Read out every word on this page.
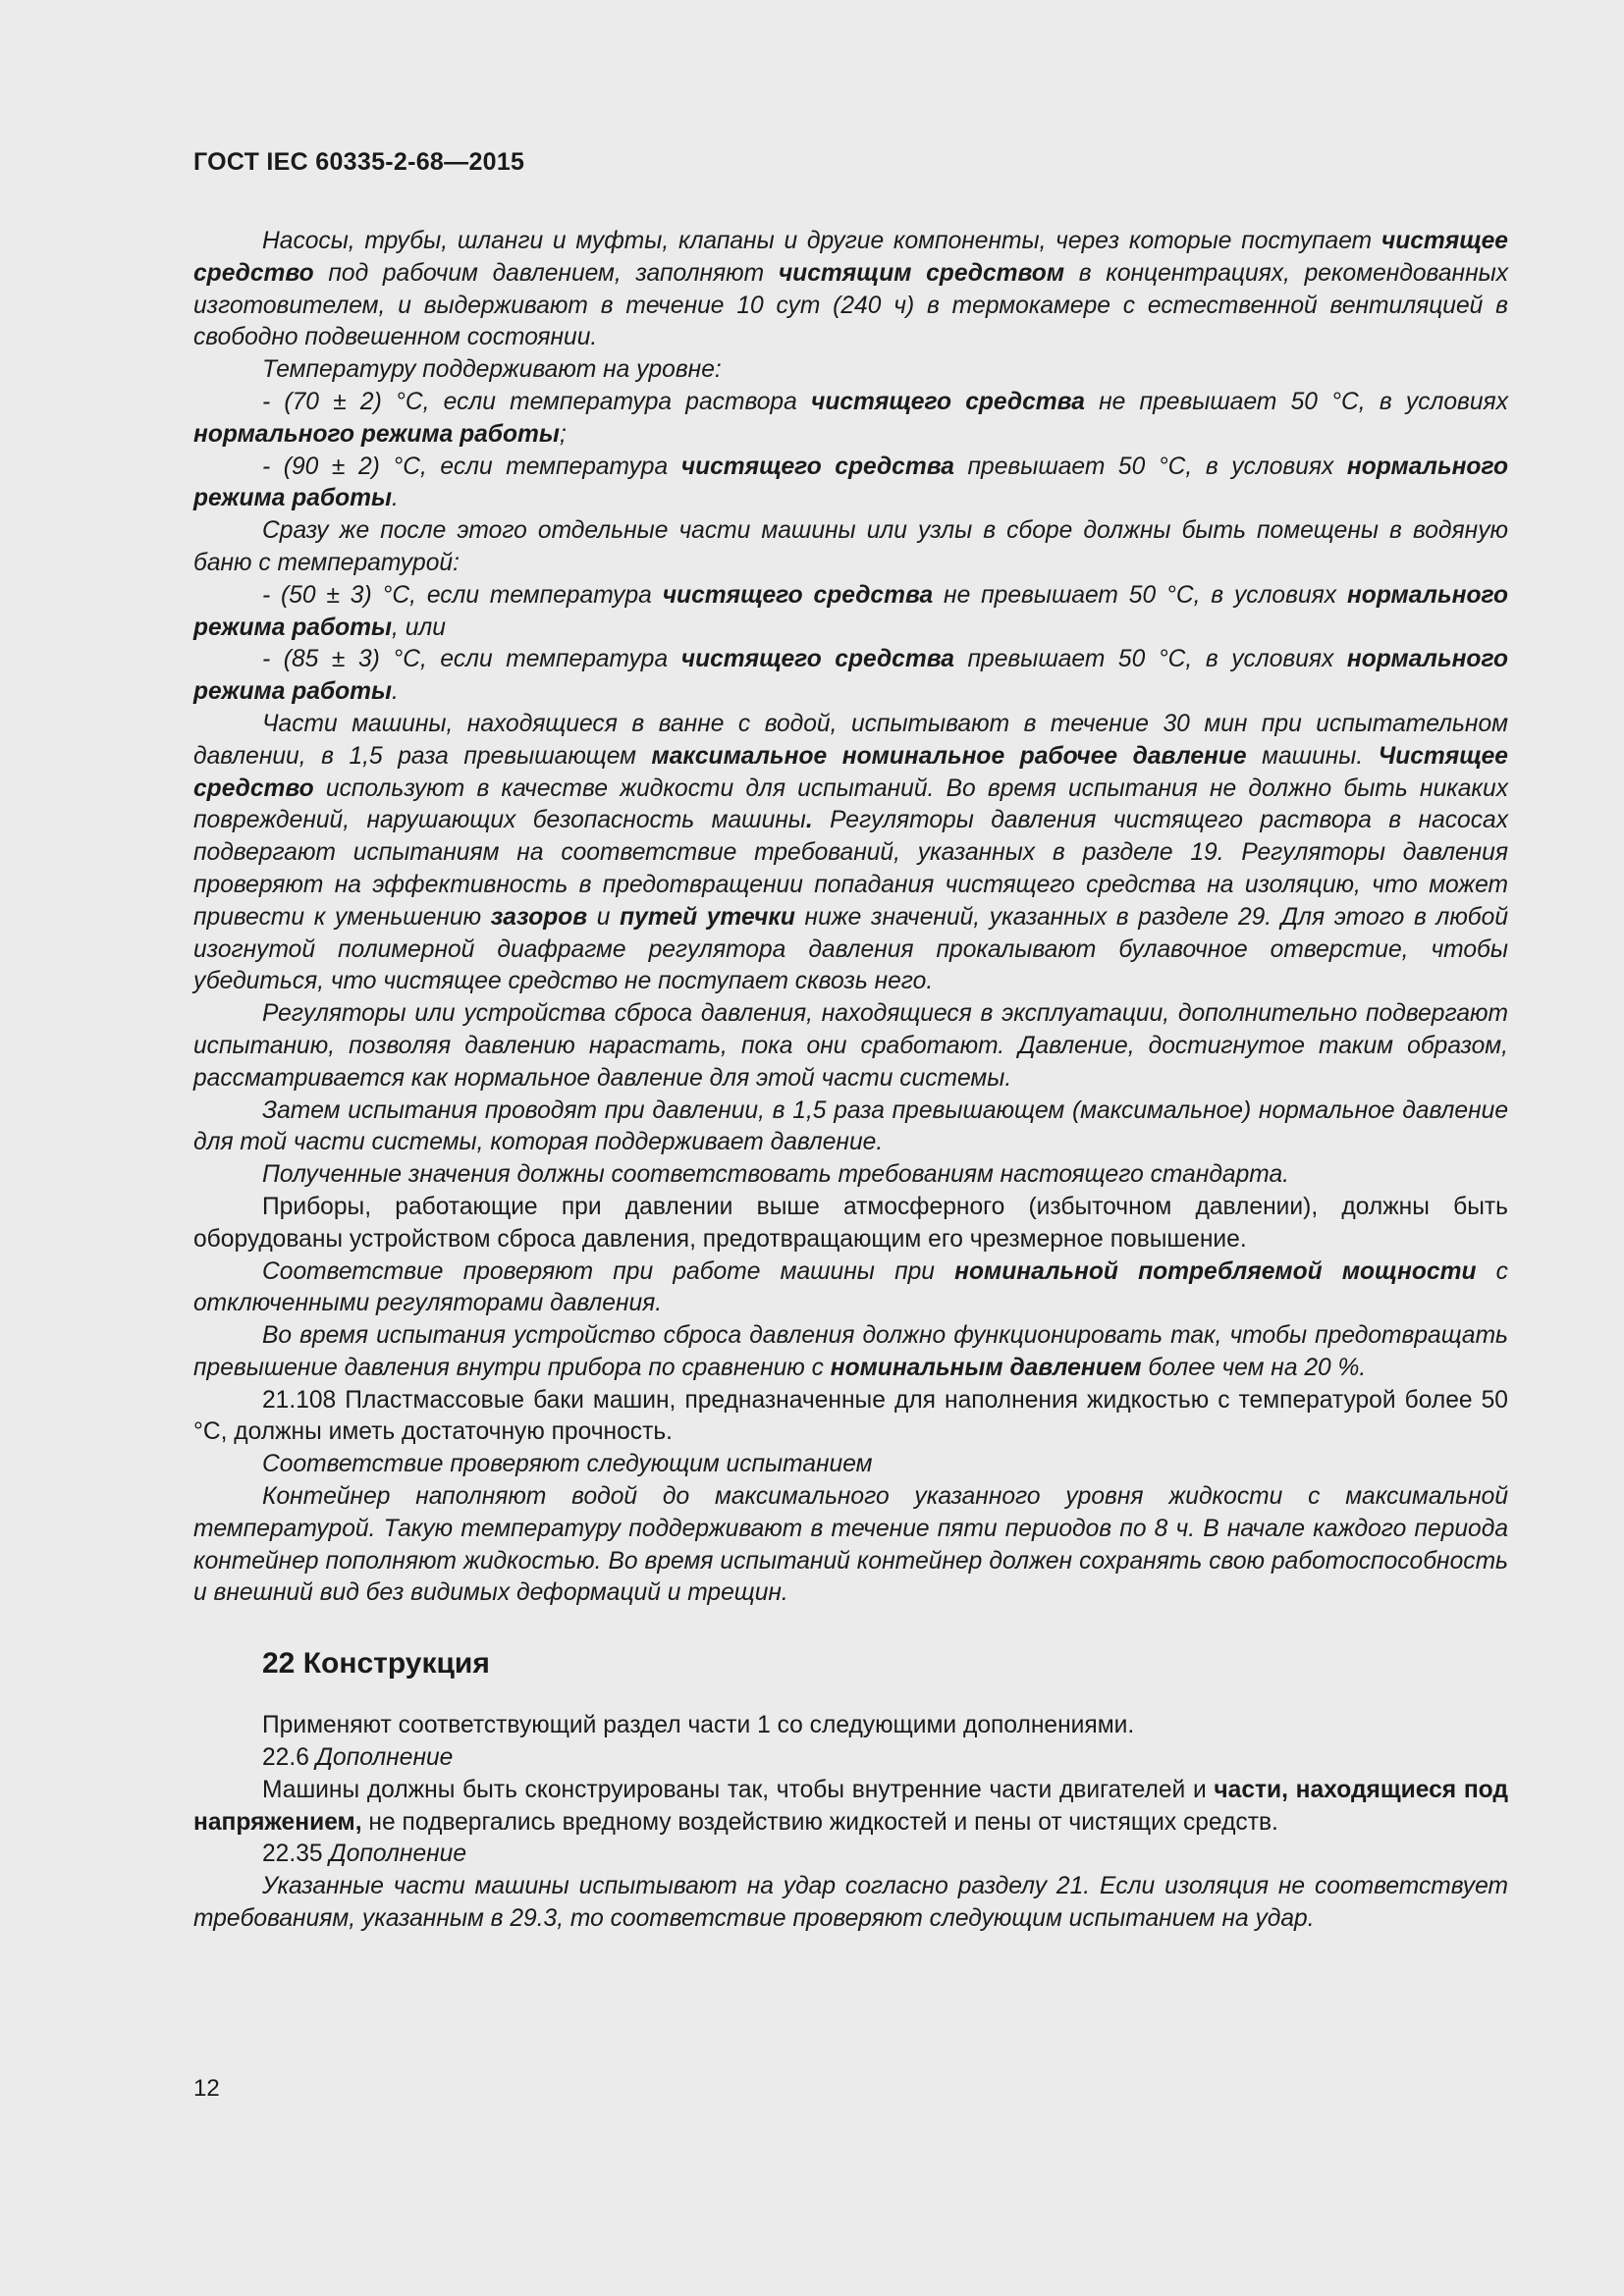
ГОСТ IEC 60335-2-68—2015

Насосы, трубы, шланги и муфты, клапаны и другие компоненты, через которые поступает чистящее средство под рабочим давлением, заполняют чистящим средством в концентрациях, рекомендованных изготовителем, и выдерживают в течение 10 сут (240 ч) в термокамере с естественной вентиляцией в свободно подвешенном состоянии.

Температуру поддерживают на уровне:

- (70 ± 2) °С, если температура раствора чистящего средства не превышает 50 °С, в условиях нормального режима работы;

- (90 ± 2) °С, если температура чистящего средства превышает 50 °С, в условиях нормального режима работы.

Сразу же после этого отдельные части машины или узлы в сборе должны быть помещены в водяную баню с температурой:

- (50 ± 3) °С, если температура чистящего средства не превышает 50 °С, в условиях нормального режима работы, или

- (85 ± 3) °С, если температура чистящего средства превышает 50 °С, в условиях нормального режима работы.

Части машины, находящиеся в ванне с водой, испытывают в течение 30 мин при испытательном давлении, в 1,5 раза превышающем максимальное номинальное рабочее давление машины. Чистящее средство используют в качестве жидкости для испытаний. Во время испытания не должно быть никаких повреждений, нарушающих безопасность машины. Регуляторы давления чистящего раствора в насосах подвергают испытаниям на соответствие требований, указанных в разделе 19. Регуляторы давления проверяют на эффективность в предотвращении попадания чистящего средства на изоляцию, что может привести к уменьшению зазоров и путей утечки ниже значений, указанных в разделе 29. Для этого в любой изогнутой полимерной диафрагме регулятора давления прокалывают булавочное отверстие, чтобы убедиться, что чистящее средство не поступает сквозь него.

Регуляторы или устройства сброса давления, находящиеся в эксплуатации, дополнительно подвергают испытанию, позволяя давлению нарастать, пока они сработают. Давление, достигнутое таким образом, рассматривается как нормальное давление для этой части системы.

Затем испытания проводят при давлении, в 1,5 раза превышающем (максимальное) нормальное давление для той части системы, которая поддерживает давление.

Полученные значения должны соответствовать требованиям настоящего стандарта.

Приборы, работающие при давлении выше атмосферного (избыточном давлении), должны быть оборудованы устройством сброса давления, предотвращающим его чрезмерное повышение.

Соответствие проверяют при работе машины при номинальной потребляемой мощности с отключенными регуляторами давления.

Во время испытания устройство сброса давления должно функционировать так, чтобы предотвращать превышение давления внутри прибора по сравнению с номинальным давлением более чем на 20 %.

21.108 Пластмассовые баки машин, предназначенные для наполнения жидкостью с температурой более 50 °С, должны иметь достаточную прочность.

Соответствие проверяют следующим испытанием

Контейнер наполняют водой до максимального указанного уровня жидкости с максимальной температурой. Такую температуру поддерживают в течение пяти периодов по 8 ч. В начале каждого периода контейнер пополняют жидкостью. Во время испытаний контейнер должен сохранять свою работоспособность и внешний вид без видимых деформаций и трещин.

22 Конструкция

Применяют соответствующий раздел части 1 со следующими дополнениями.

22.6 Дополнение

Машины должны быть сконструированы так, чтобы внутренние части двигателей и части, находящиеся под напряжением, не подвергались вредному воздействию жидкостей и пены от чистящих средств.

22.35 Дополнение

Указанные части машины испытывают на удар согласно разделу 21. Если изоляция не соответствует требованиям, указанным в 29.3, то соответствие проверяют следующим испытанием на удар.

12
